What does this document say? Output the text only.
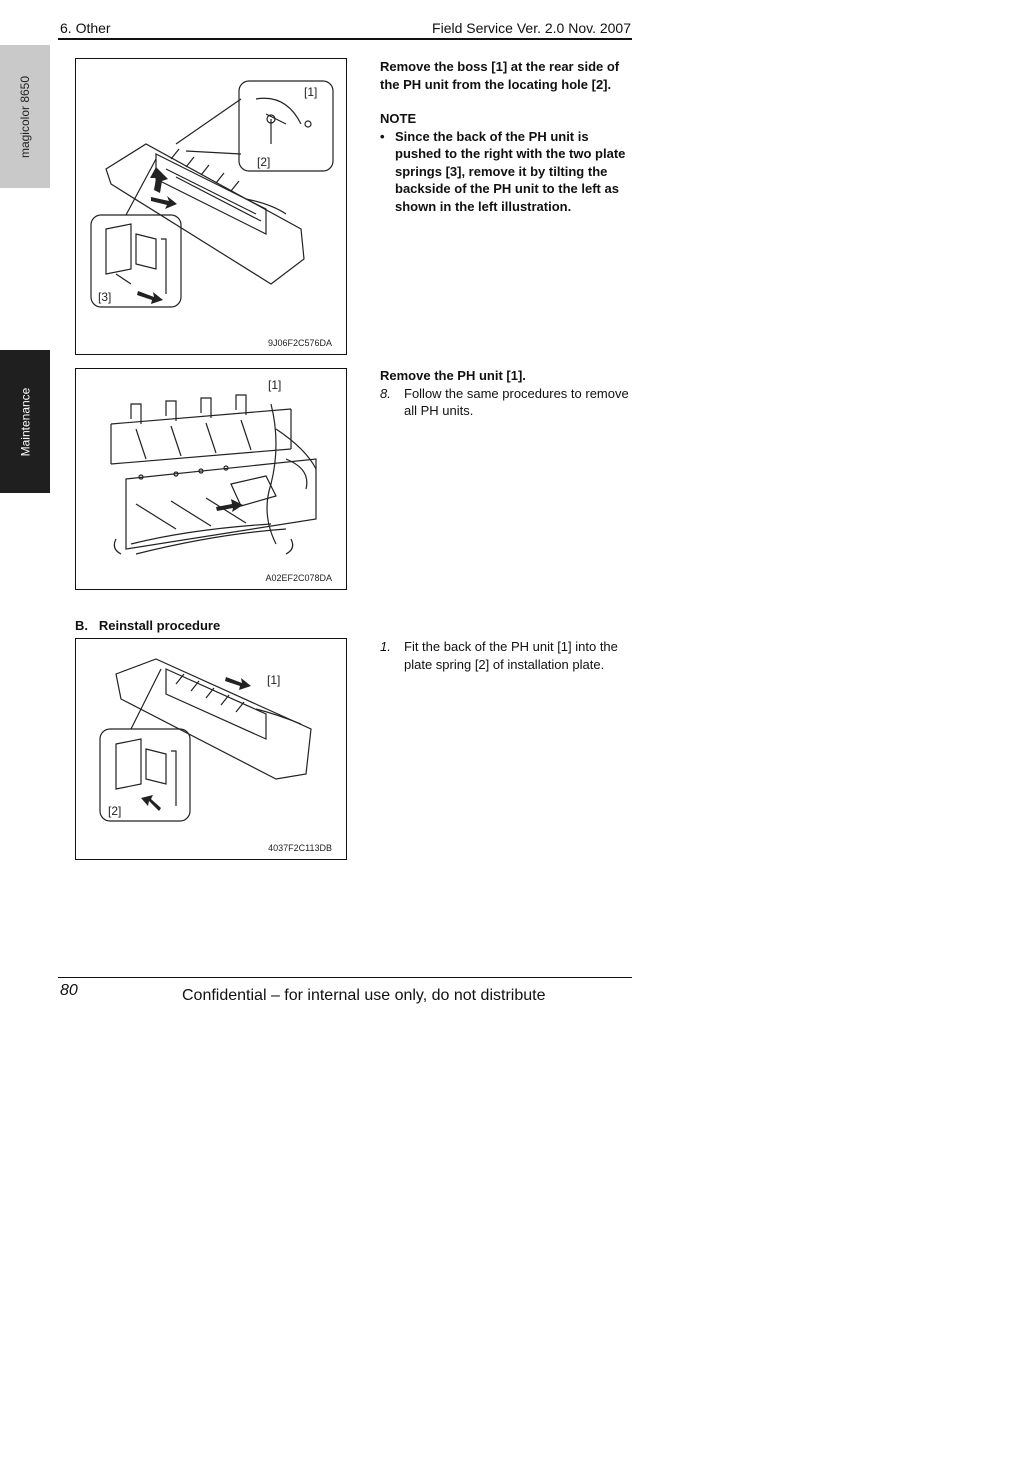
6. Other	Field Service Ver. 2.0 Nov. 2007
magicolor 8650
Maintenance
[1]
[2]
[3]
9J06F2C576DA
[1]
A02EF2C078DA
[1]
[2]
4037F2C113DB
Remove the boss [1] at the rear side of the PH unit from the locating hole [2].
NOTE
• Since the back of the PH unit is pushed to the right with the two plate springs [3], remove it by tilting the backside of the PH unit to the left as shown in the left illustration.
Remove the PH unit [1].
8.	Follow the same procedures to remove all PH units.
B.   Reinstall procedure
1.	Fit the back of the PH unit [1] into the plate spring [2] of installation plate.
80	Confidential – for internal use only, do not distribute
